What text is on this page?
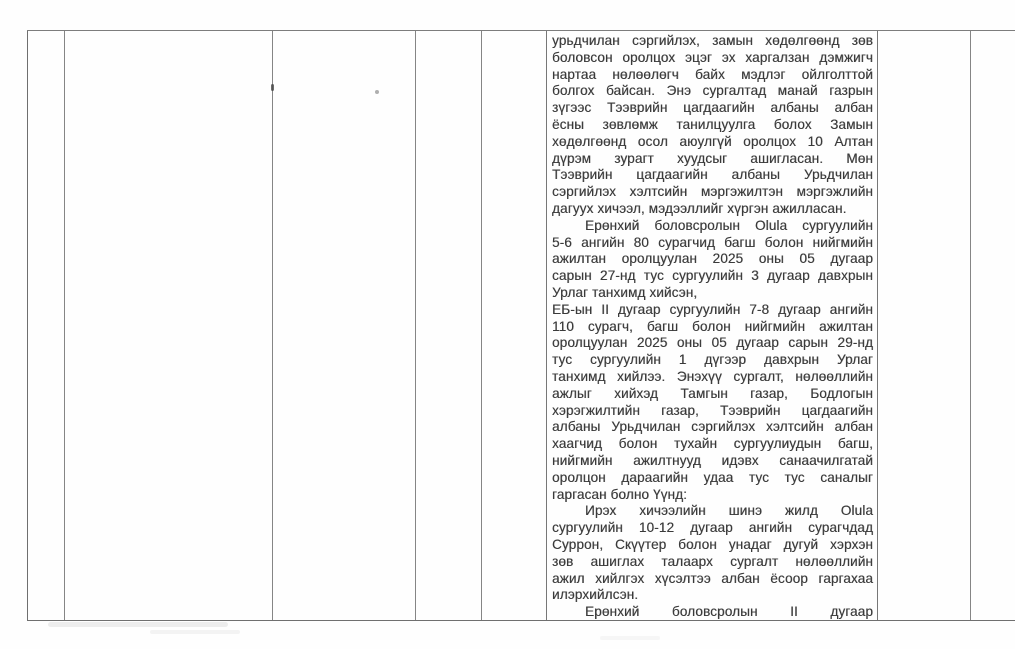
урьдчилан сэргийлэх, замын хөдөлгөөнд зөв
боловсон оролцох эцэг эх харгалзан дэмжигч
нартаа нөлөөлөгч байх мэдлэг ойлголттой
болгох байсан. Энэ сургалтад манай газрын
зүгээс Тээврийн цагдаагийн албаны албан
ёсны зөвлөмж танилцуулга болох Замын
хөдөлгөөнд осол аюулгүй оролцох 10 Алтан
дүрэм зурагт хуудсыг ашигласан. Мөн
Тээврийн цагдаагийн албаны Урьдчилан
сэргийлэх хэлтсийн мэргэжилтэн мэргэжлийн
дагуух хичээл, мэдээллийг хүргэн ажилласан.
Ерөнхий боловсролын Olula сургуулийн
5-6 ангийн 80 сурагчид багш болон нийгмийн
ажилтан оролцуулан 2025 оны 05 дугаар
сарын 27-нд тус сургуулийн 3 дугаар давхрын
Урлаг танхимд хийсэн,
ЕБ-ын II дугаар сургуулийн 7-8 дугаар ангийн
110 сурагч, багш болон нийгмийн ажилтан
оролцуулан 2025 оны 05 дугаар сарын 29-нд
тус сургуулийн 1 дүгээр давхрын Урлаг
танхимд хийлээ. Энэхүү сургалт, нөлөөллийн
ажлыг хийхэд Тамгын газар, Бодлогын
хэрэгжилтийн газар, Тээврийн цагдаагийн
албаны Урьдчилан сэргийлэх хэлтсийн албан
хаагчид болон тухайн сургуулиудын багш,
нийгмийн ажилтнууд идэвх санаачилгатай
оролцон дараагийн удаа тус тус саналыг
гаргасан болно Үүнд:
Ирэх хичээлийн шинэ жилд Olula
сургуулийн 10-12 дугаар ангийн сурагчдад
Суррон, Скүүтер болон унадаг дугуй хэрхэн
зөв ашиглах талаарх сургалт нөлөөллийн
ажил хийлгэх хүсэлтээ албан ёсоор гаргахаа
илэрхийлсэн.
Ерөнхий боловсролын II дугаар
